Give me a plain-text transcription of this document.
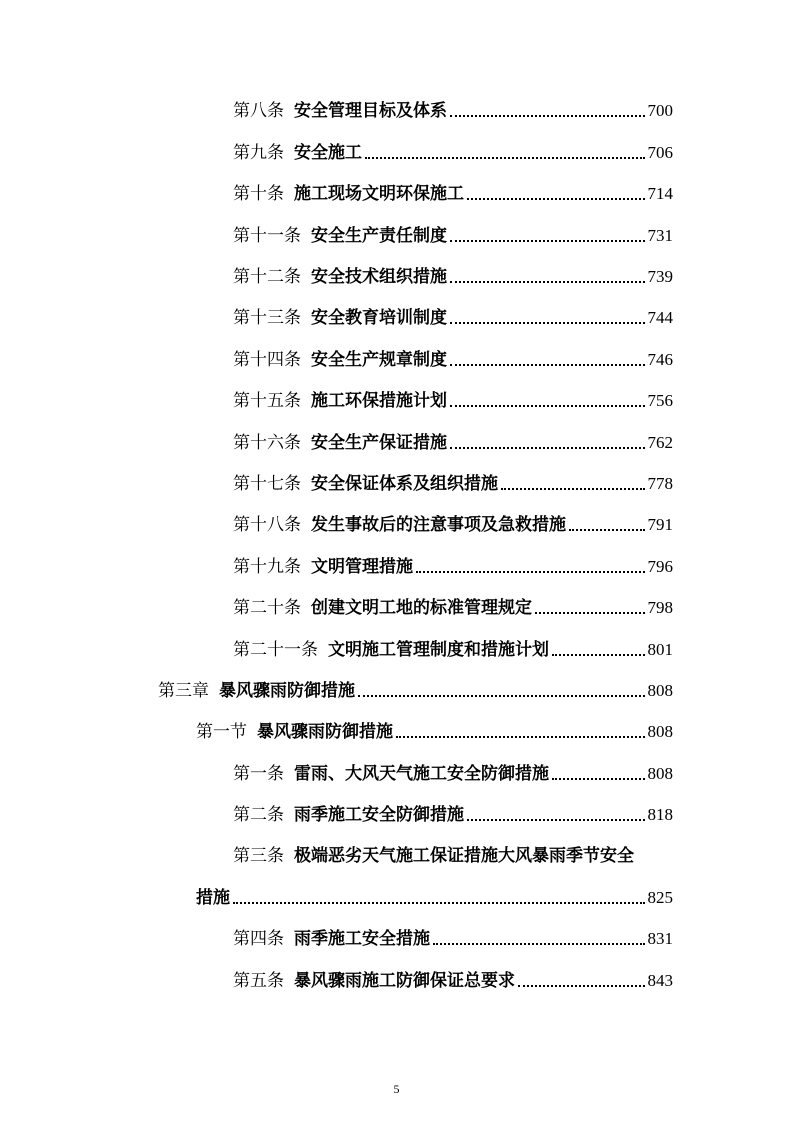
第八条 安全管理目标及体系	700
第九条 安全施工	706
第十条 施工现场文明环保施工	714
第十一条 安全生产责任制度	731
第十二条 安全技术组织措施	739
第十三条 安全教育培训制度	744
第十四条 安全生产规章制度	746
第十五条 施工环保措施计划	756
第十六条 安全生产保证措施	762
第十七条 安全保证体系及组织措施	778
第十八条 发生事故后的注意事项及急救措施	791
第十九条 文明管理措施	796
第二十条 创建文明工地的标准管理规定	798
第二十一条 文明施工管理制度和措施计划	801
第三章 暴风骤雨防御措施	808
第一节 暴风骤雨防御措施	808
第一条 雷雨、大风天气施工安全防御措施	808
第二条 雨季施工安全防御措施	818
第三条 极端恶劣天气施工保证措施大风暴雨季节安全
措施	825
第四条 雨季施工安全措施	831
第五条 暴风骤雨施工防御保证总要求	843
5
